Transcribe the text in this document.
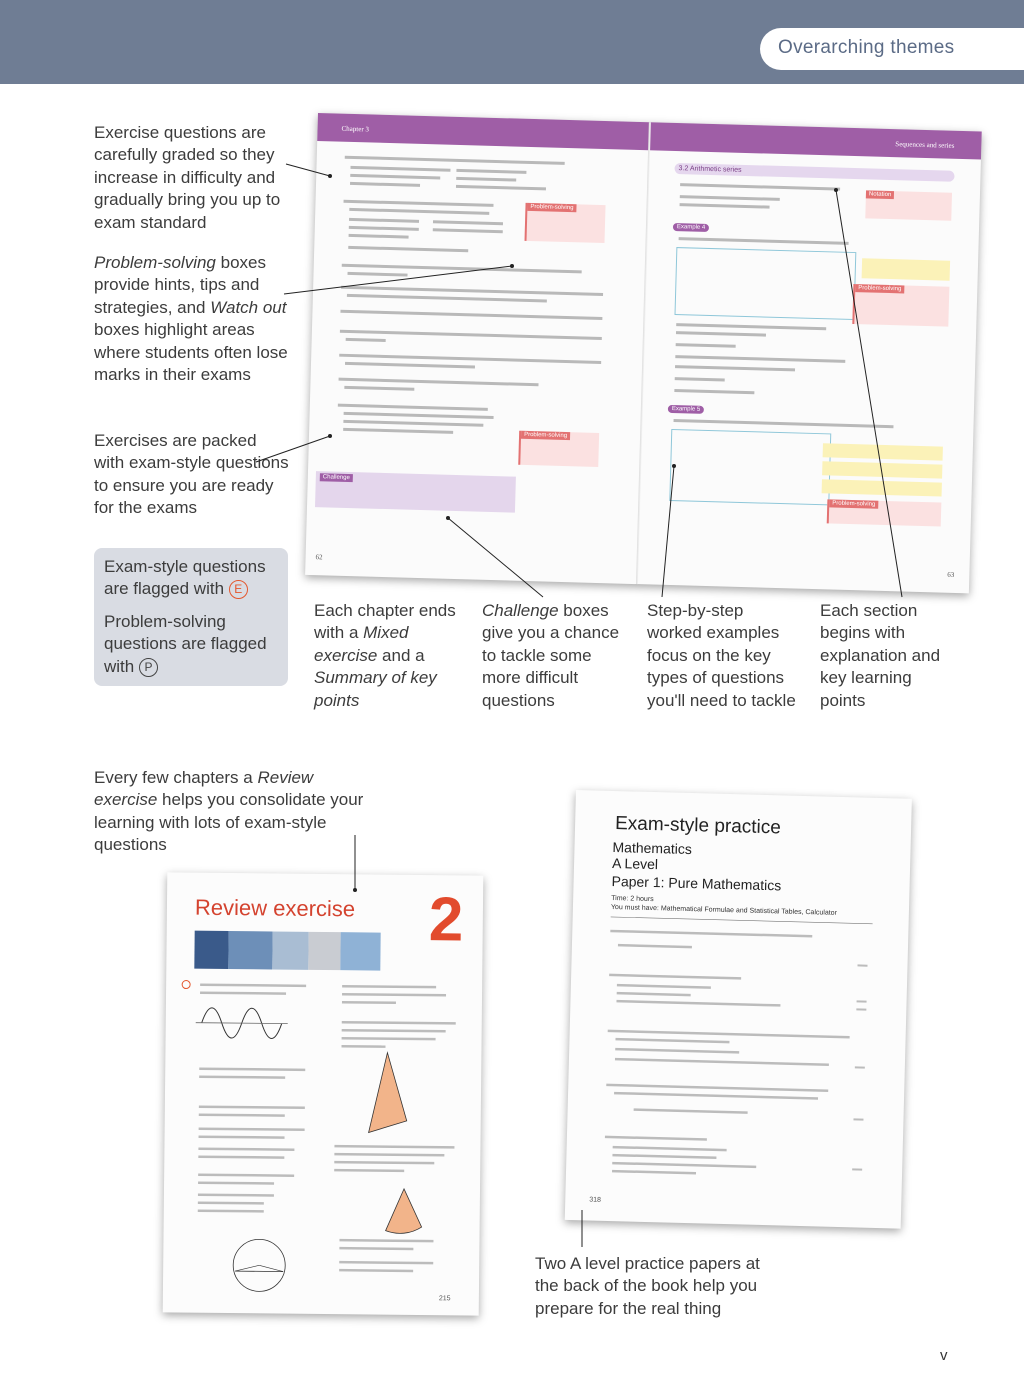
Overarching themes
Exercise questions are carefully graded so they increase in difficulty and gradually bring you up to exam standard
Problem-solving boxes provide hints, tips and strategies, and Watch out boxes highlight areas where students often lose marks in their exams
Exercises are packed with exam-style questions to ensure you are ready for the exams
Exam-style questions are flagged with E
Problem-solving questions are flagged with P
Chapter 3
Sequences and series
Problem-solving
Problem-solving
Challenge
62
3.2 Arithmetic series
Notation
Example 4
Problem-solving
Example 5
Problem-solving
63
Each chapter ends with a Mixed exercise and a Summary of key points
Challenge boxes give you a chance to tackle some more difficult questions
Step-by-step worked examples focus on the key types of questions you'll need to tackle
Each section begins with explanation and key learning points
Every few chapters a Review exercise helps you consolidate your learning with lots of exam-style questions
Review exercise 2
215
Exam-style practice
Mathematics
A Level
Paper 1: Pure Mathematics
Time: 2 hours
You must have: Mathematical Formulae and Statistical Tables, Calculator
318
Two A level practice papers at the back of the book help you prepare for the real thing
v
